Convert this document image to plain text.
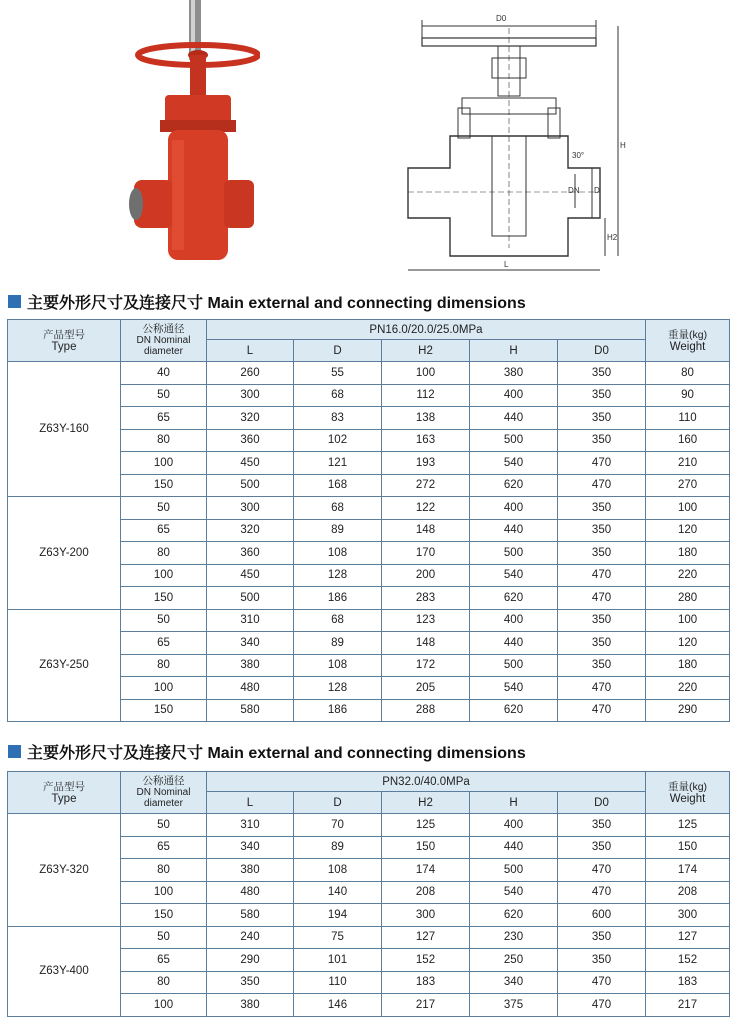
D0
H
D
DN
H2
L
30°
主要外形尺寸及连接尺寸 Main external and connecting dimensions
产品型号
Type	公称通径
DN Nominal
diameter	PN16.0/20.0/25.0MPa					重量(kg)
Weight

		L	D	H2	H	D0	
Z63Y-160	40	260	55	100	380	350	80
	50	300	68	112	400	350	90
	65	320	83	138	440	350	110
	80	360	102	163	500	350	160
	100	450	121	193	540	470	210
	150	500	168	272	620	470	270
Z63Y-200	50	300	68	122	400	350	100
	65	320	89	148	440	350	120
	80	360	108	170	500	350	180
	100	450	128	200	540	470	220
	150	500	186	283	620	470	280
Z63Y-250	50	310	68	123	400	350	100
	65	340	89	148	440	350	120
	80	380	108	172	500	350	180
	100	480	128	205	540	470	220
	150	580	186	288	620	470	290
主要外形尺寸及连接尺寸 Main external and connecting dimensions
产品型号
Type	公称通径
DN Nominal
diameter	PN32.0/40.0MPa					重量(kg)
Weight

		L	D	H2	H	D0	
Z63Y-320	50	310	70	125	400	350	125
	65	340	89	150	440	350	150
	80	380	108	174	500	470	174
	100	480	140	208	540	470	208
	150	580	194	300	620	600	300
Z63Y-400	50	240	75	127	230	350	127
	65	290	101	152	250	350	152
	80	350	110	183	340	470	183
	100	380	146	217	375	470	217
